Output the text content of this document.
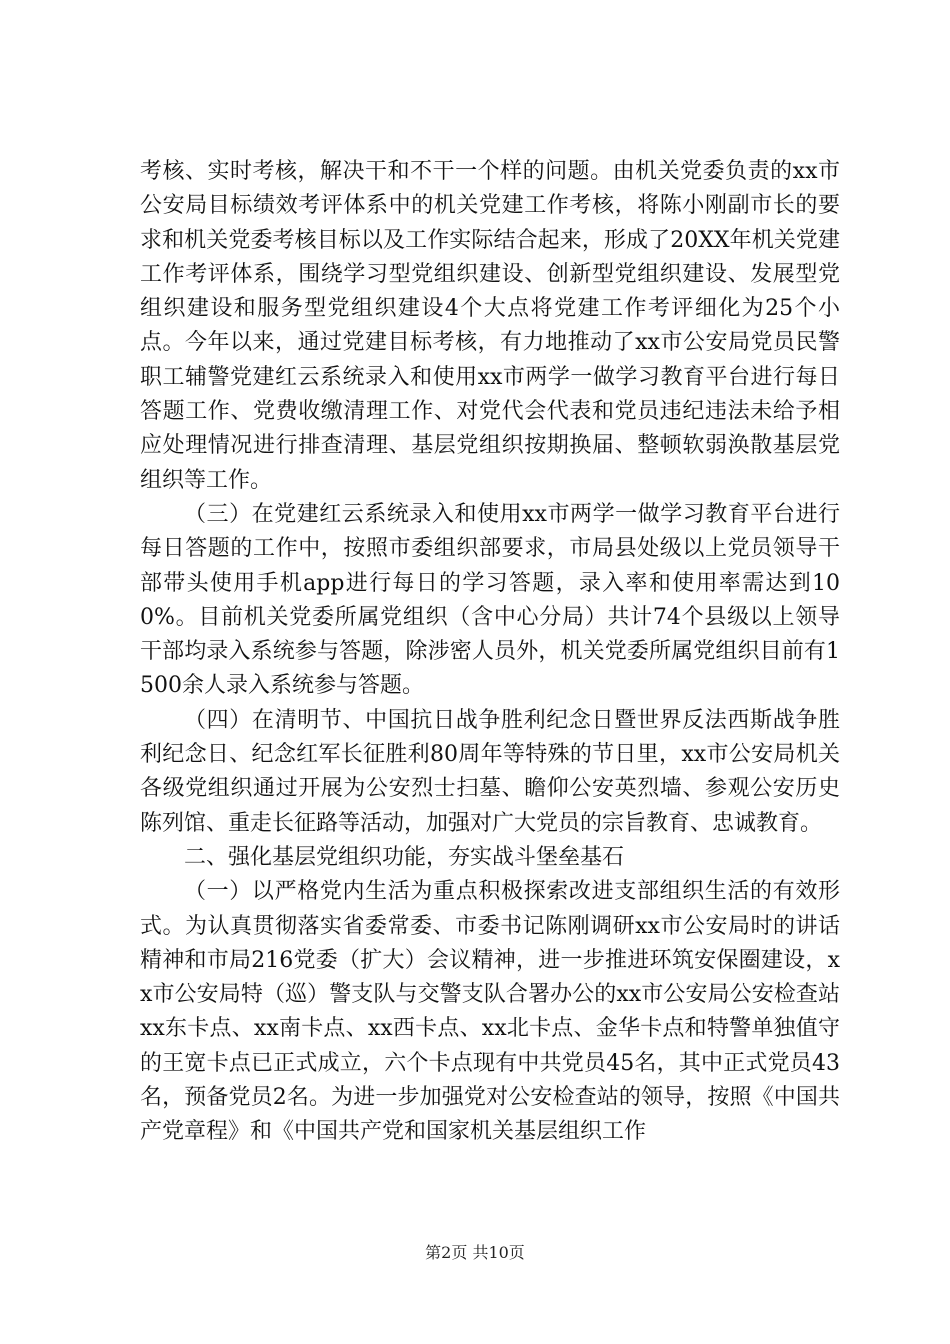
考核、实时考核，解决干和不干一个样的问题。由机关党委负责的xx市公安局目标绩效考评体系中的机关党建工作考核，将陈小刚副市长的要求和机关党委考核目标以及工作实际结合起来，形成了20XX年机关党建工作考评体系，围绕学习型党组织建设、创新型党组织建设、发展型党组织建设和服务型党组织建设4个大点将党建工作考评细化为25个小点。今年以来，通过党建目标考核，有力地推动了xx市公安局党员民警职工辅警党建红云系统录入和使用xx市两学一做学习教育平台进行每日答题工作、党费收缴清理工作、对党代会代表和党员违纪违法未给予相应处理情况进行排查清理、基层党组织按期换届、整顿软弱涣散基层党组织等工作。

（三）在党建红云系统录入和使用xx市两学一做学习教育平台进行每日答题的工作中，按照市委组织部要求，市局县处级以上党员领导干部带头使用手机app进行每日的学习答题，录入率和使用率需达到100%。目前机关党委所属党组织（含中心分局）共计74个县级以上领导干部均录入系统参与答题，除涉密人员外，机关党委所属党组织目前有1500余人录入系统参与答题。

（四）在清明节、中国抗日战争胜利纪念日暨世界反法西斯战争胜利纪念日、纪念红军长征胜利80周年等特殊的节日里，xx市公安局机关各级党组织通过开展为公安烈士扫墓、瞻仰公安英烈墙、参观公安历史陈列馆、重走长征路等活动，加强对广大党员的宗旨教育、忠诚教育。

二、强化基层党组织功能，夯实战斗堡垒基石

（一）以严格党内生活为重点积极探索改进支部组织生活的有效形式。为认真贯彻落实省委常委、市委书记陈刚调研xx市公安局时的讲话精神和市局216党委（扩大）会议精神，进一步推进环筑安保圈建设，xx市公安局特（巡）警支队与交警支队合署办公的xx市公安局公安检查站xx东卡点、xx南卡点、xx西卡点、xx北卡点、金华卡点和特警单独值守的王宽卡点已正式成立，六个卡点现有中共党员45名，其中正式党员43名，预备党员2名。为进一步加强党对公安检查站的领导，按照《中国共产党章程》和《中国共产党和国家机关基层组织工作

第2页 共10页
